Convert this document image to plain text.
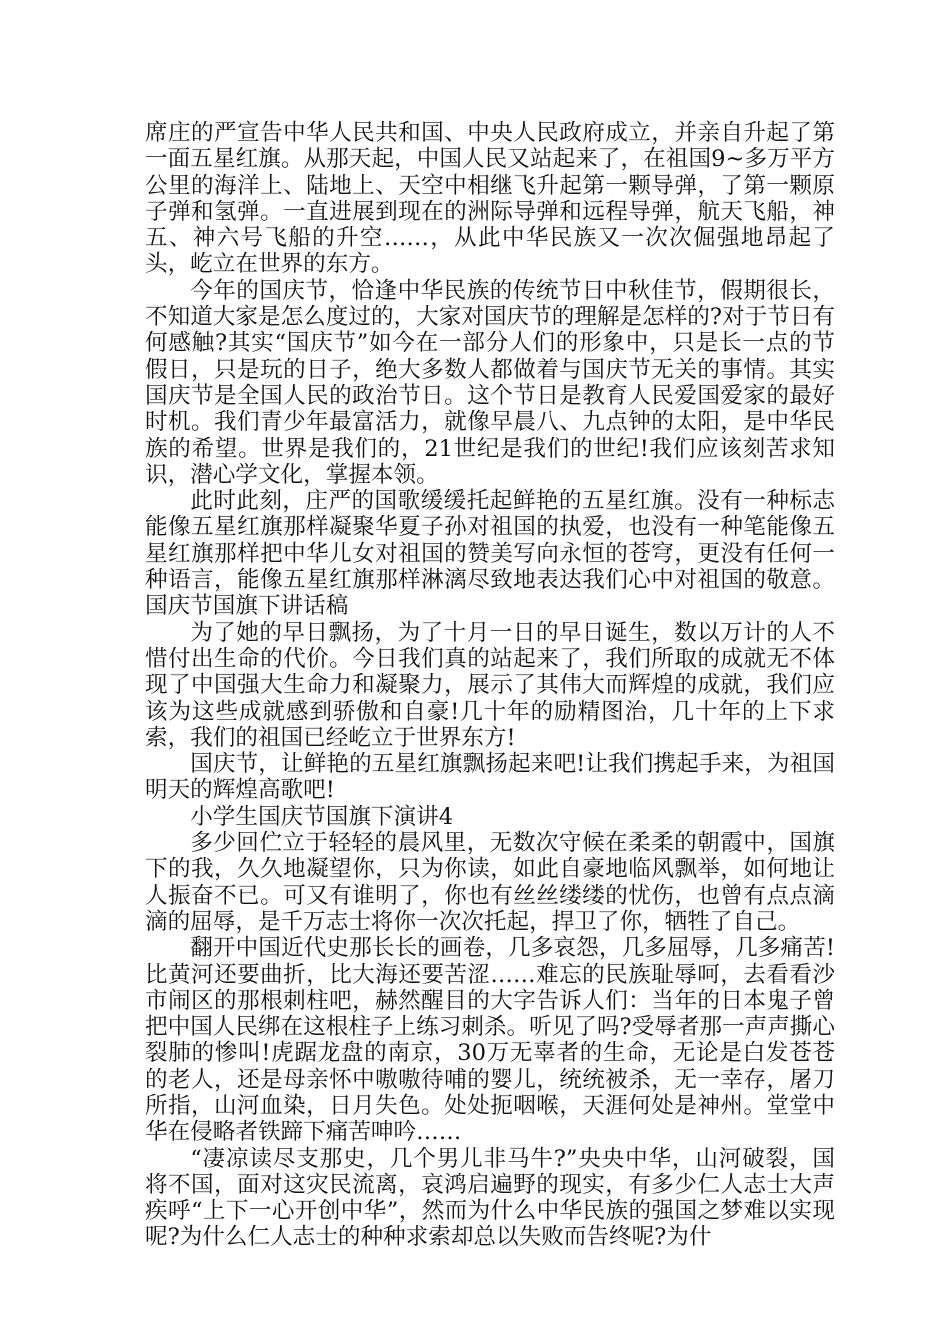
席庄的严宣告中华人民共和国、中央人民政府成立，并亲自升起了第一面五星红旗。从那天起，中国人民又站起来了，在祖国9~多万平方公里的海洋上、陆地上、天空中相继飞升起第一颗导弹，了第一颗原子弹和氢弹。一直进展到现在的洲际导弹和远程导弹，航天飞船，神五、神六号飞船的升空……，从此中华民族又一次次倔强地昂起了头，屹立在世界的东方。

今年的国庆节，恰逢中华民族的传统节日中秋佳节，假期很长，不知道大家是怎么度过的，大家对国庆节的理解是怎样的?对于节日有何感触?其实“国庆节”如今在一部分人们的形象中，只是长一点的节假日，只是玩的日子，绝大多数人都做着与国庆节无关的事情。其实国庆节是全国人民的政治节日。这个节日是教育人民爱国爱家的最好时机。我们青少年最富活力，就像早晨八、九点钟的太阳，是中华民族的希望。世界是我们的，21世纪是我们的世纪!我们应该刻苦求知识，潜心学文化，掌握本领。

此时此刻，庄严的国歌缓缓托起鲜艳的五星红旗。没有一种标志能像五星红旗那样凝聚华夏子孙对祖国的执爱，也没有一种笔能像五星红旗那样把中华儿女对祖国的赞美写向永恒的苍穹，更没有任何一种语言，能像五星红旗那样淋漓尽致地表达我们心中对祖国的敬意。国庆节国旗下讲话稿

为了她的早日飘扬，为了十月一日的早日诞生，数以万计的人不惜付出生命的代价。今日我们真的站起来了，我们所取的成就无不体现了中国强大生命力和凝聚力，展示了其伟大而辉煌的成就，我们应该为这些成就感到骄傲和自豪!几十年的励精图治，几十年的上下求索，我们的祖国已经屹立于世界东方!

国庆节，让鲜艳的五星红旗飘扬起来吧!让我们携起手来，为祖国明天的辉煌高歌吧!

小学生国庆节国旗下演讲4

多少回伫立于轻轻的晨风里，无数次守候在柔柔的朝霞中，国旗下的我，久久地凝望你，只为你读，如此自豪地临风飘举，如何地让人振奋不已。可又有谁明了，你也有丝丝缕缕的忧伤，也曾有点点滴滴的屈辱，是千万志士将你一次次托起，捍卫了你，牺牲了自己。

翻开中国近代史那长长的画卷，几多哀怨，几多屈辱，几多痛苦!比黄河还要曲折，比大海还要苦涩……难忘的民族耻辱呵，去看看沙市闹区的那根刺柱吧，赫然醒目的大字告诉人们：当年的日本鬼子曾把中国人民绑在这根柱子上练习刺杀。听见了吗?受辱者那一声声撕心裂肺的惨叫!虎踞龙盘的南京，30万无辜者的生命，无论是白发苍苍的老人，还是母亲怀中嗷嗷待哺的婴儿，统统被杀，无一幸存，屠刀所指，山河血染，日月失色。处处扼咽喉，天涯何处是神州。堂堂中华在侵略者铁蹄下痛苦呻吟……

“凄凉读尽支那史，几个男儿非马牛?”央央中华，山河破裂，国将不国，面对这灾民流离，哀鸿启遍野的现实，有多少仁人志士大声疾呼“上下一心开创中华”，然而为什么中华民族的强国之梦难以实现呢?为什么仁人志士的种种求索却总以失败而告终呢?为什
